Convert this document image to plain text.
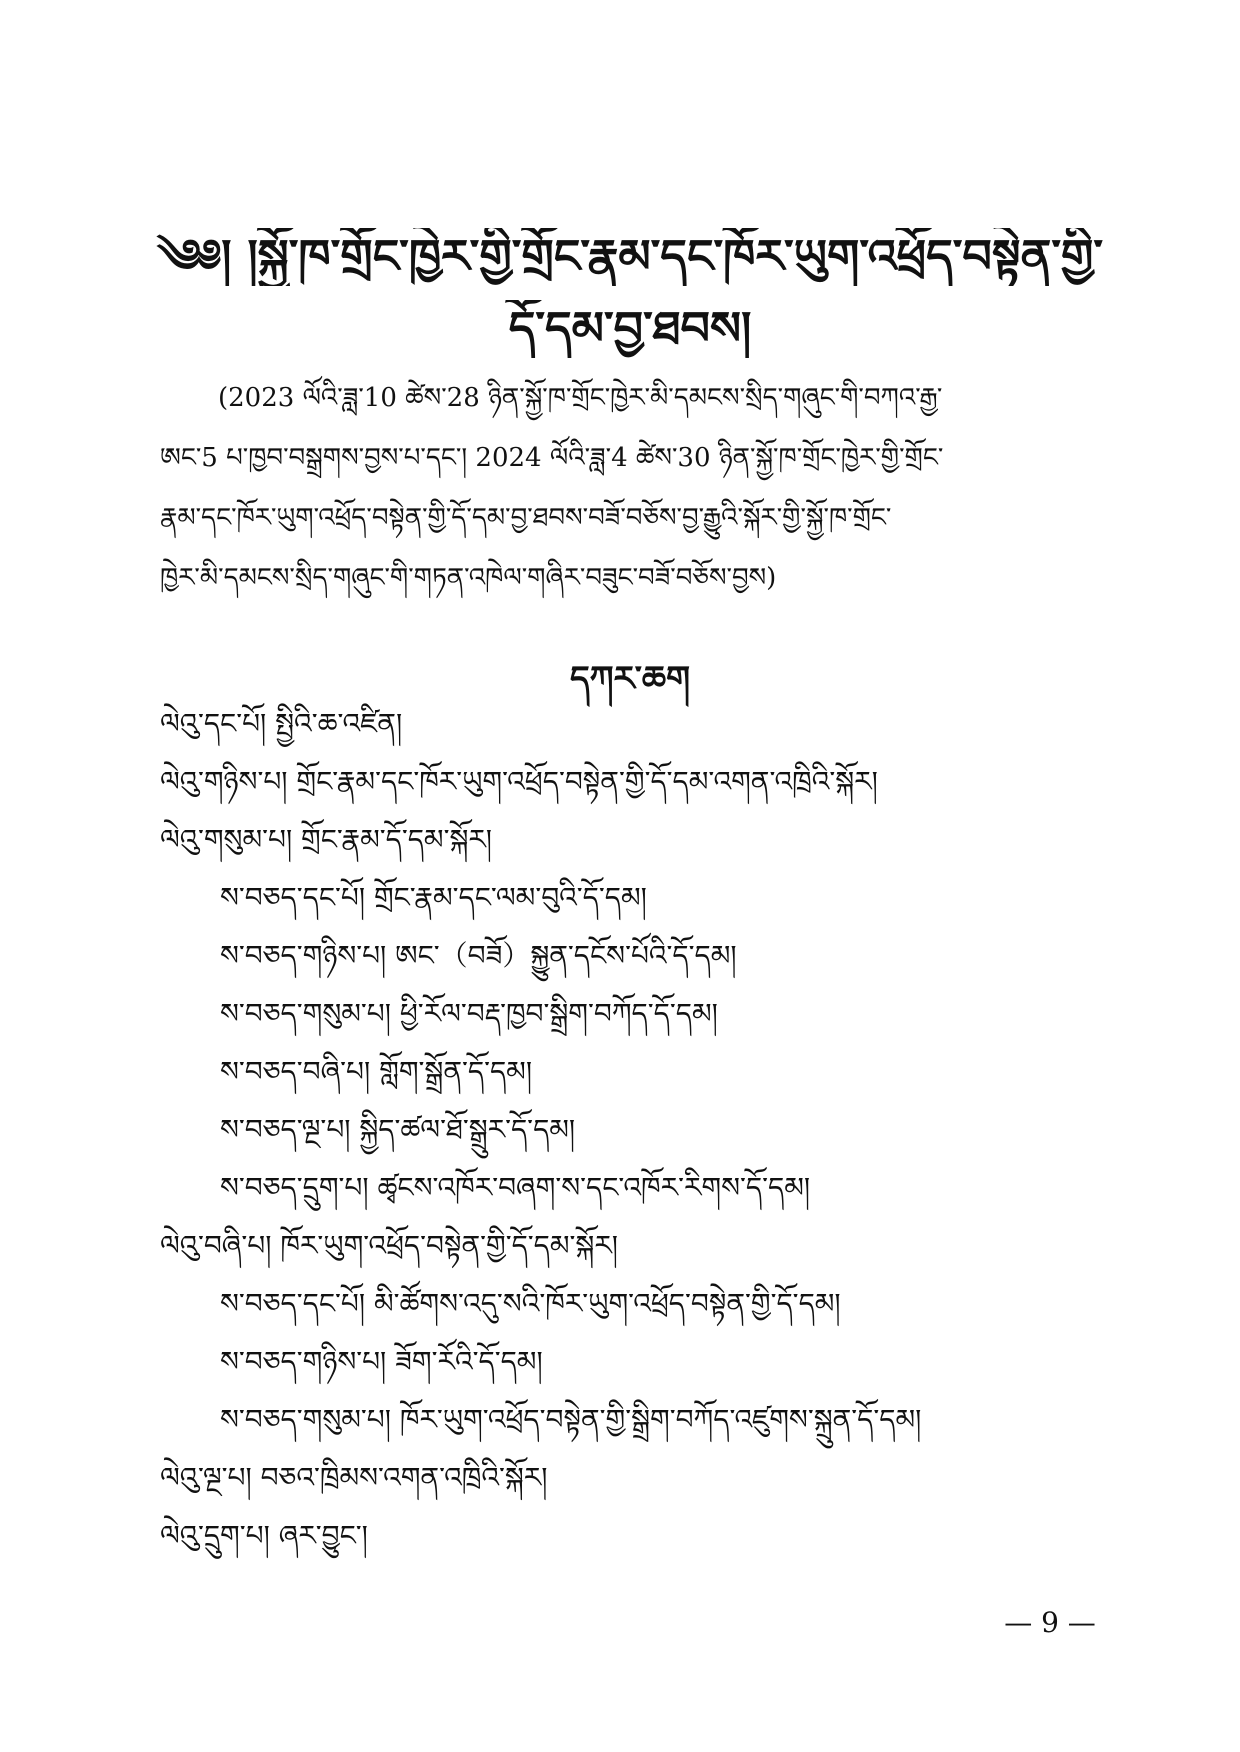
༄༅། །སྐྱོ་ཁ་གྲོང་ཁྱེར་གྱི་གྲོང་རྣམ་དང་ཁོར་ཡུག་འཕྲོད་བསྟེན་གྱི་
དོ་དམ་བྱ་ཐབས།
(2023 ལོའི་ཟླ་10 ཚེས་28 ཉིན་སྐྱོ་ཁ་གྲོང་ཁྱེར་མི་དམངས་སྲིད་གཞུང་གི་བཀའ་རྒྱ་
ཨང་5 པ་ཁྱབ་བསྒྲགས་བྱས་པ་དང་། 2024 ལོའི་ཟླ་4 ཚེས་30 ཉིན་སྐྱོ་ཁ་གྲོང་ཁྱེར་གྱི་གྲོང་
རྣམ་དང་ཁོར་ཡུག་འཕྲོད་བསྟེན་གྱི་དོ་དམ་བྱ་ཐབས་བཟོ་བཅོས་བྱ་རྒྱུའི་སྐོར་གྱི་སྐྱོ་ཁ་གྲོང་
ཁྱེར་མི་དམངས་སྲིད་གཞུང་གི་གཏན་འཁེལ་གཞིར་བཟུང་བཟོ་བཅོས་བྱས)
དཀར་ཆག
ལེའུ་དང་པོ། སྤྱིའི་ཆ་འཛིན།
ལེའུ་གཉིས་པ། གྲོང་རྣམ་དང་ཁོར་ཡུག་འཕྲོད་བསྟེན་གྱི་དོ་དམ་འགན་འཁྲིའི་སྐོར།
ལེའུ་གསུམ་པ། གྲོང་རྣམ་དོ་དམ་སྐོར།
ས་བཅད་དང་པོ། གྲོང་རྣམ་དང་ལམ་བུའི་དོ་དམ།
ས་བཅད་གཉིས་པ། ཨང་（བཟོ）སྐྱུན་དངོས་པོའི་དོ་དམ།
ས་བཅད་གསུམ་པ། ཕྱི་རོལ་བརྡ་ཁྱབ་སྒྲིག་བཀོད་དོ་དམ།
ས་བཅད་བཞི་པ། གློག་སྒྲོན་དོ་དམ།
ས་བཅད་ལྔ་པ། སྐྱིད་ཚལ་ཐོ་སྒྲུར་དོ་དམ།
ས་བཅད་དྲུག་པ། ཚྭངས་འཁོར་བཞག་ས་དང་འཁོར་རིགས་དོ་དམ།
ལེའུ་བཞི་པ། ཁོར་ཡུག་འཕྲོད་བསྟེན་གྱི་དོ་དམ་སྐོར།
ས་བཅད་དང་པོ། མི་ཚོགས་འདུ་སའི་ཁོར་ཡུག་འཕྲོད་བསྟེན་གྱི་དོ་དམ།
ས་བཅད་གཉིས་པ། ཟོག་རོའི་དོ་དམ།
ས་བཅད་གསུམ་པ། ཁོར་ཡུག་འཕྲོད་བསྟེན་གྱི་སྒྲིག་བཀོད་འཛུགས་སྐྲུན་དོ་དམ།
ལེའུ་ལྔ་པ། བཅའ་ཁྲིམས་འགན་འཁྲིའི་སྐོར།
ལེའུ་དྲུག་པ། ཞར་བྱུང་།
— 9 —
